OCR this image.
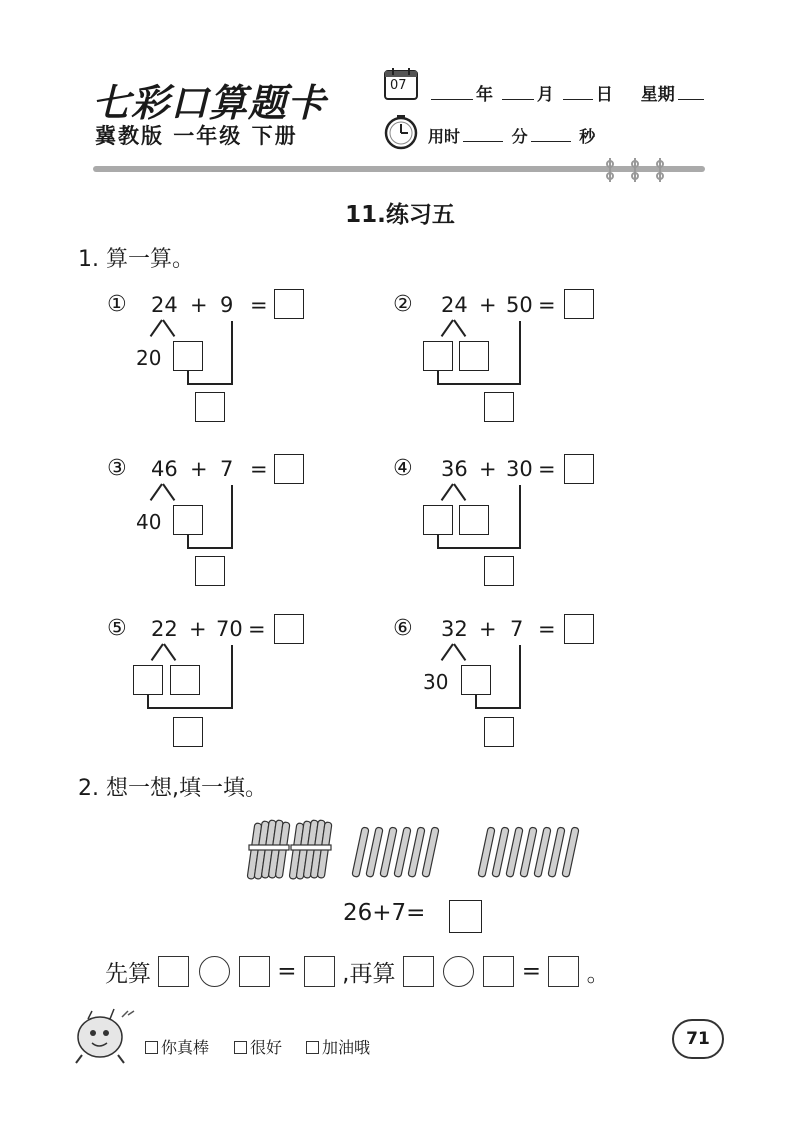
七彩口算题卡
冀教版 一年级 下册
07	年	月 日 星期
用时	分	秒
11.练习五
1. 算一算。
① 24 + 9 =
20
② 24 + 50 =
③ 46 + 7 =
40
④ 36 + 30 =
⑤ 22 + 70 =	⑥ 32 + 7 =
30
2. 想一想,填一填。
26+7=
先算	= ,再算	= 。
你真棒	很好	加油哦	71
